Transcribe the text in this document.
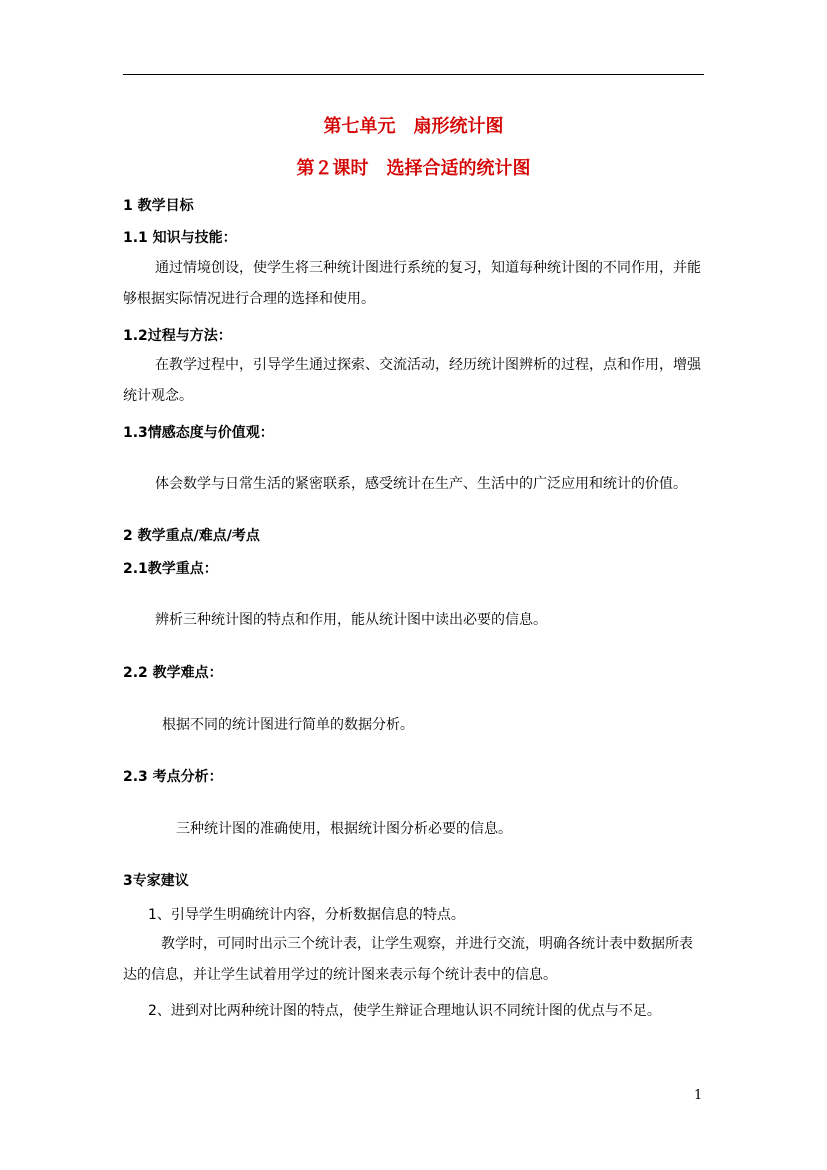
第七单元　扇形统计图
第２课时　选择合适的统计图
1 教学目标
1.1 知识与技能：
通过情境创设，使学生将三种统计图进行系统的复习，知道每种统计图的不同作用，并能够根据实际情况进行合理的选择和使用。
1.2过程与方法：
在教学过程中，引导学生通过探索、交流活动，经历统计图辨析的过程，点和作用，增强统计观念。
1.3情感态度与价值观：
体会数学与日常生活的紧密联系，感受统计在生产、生活中的广泛应用和统计的价值。
2 教学重点/难点/考点
2.1教学重点：
辨析三种统计图的特点和作用，能从统计图中读出必要的信息。
2.2 教学难点：
根据不同的统计图进行简单的数据分析。
2.3 考点分析：
三种统计图的准确使用，根据统计图分析必要的信息。
3专家建议
1、引导学生明确统计内容，分析数据信息的特点。
教学时，可同时出示三个统计表，让学生观察，并进行交流，明确各统计表中数据所表达的信息，并让学生试着用学过的统计图来表示每个统计表中的信息。
2、进到对比两种统计图的特点，使学生辩证合理地认识不同统计图的优点与不足。
1
